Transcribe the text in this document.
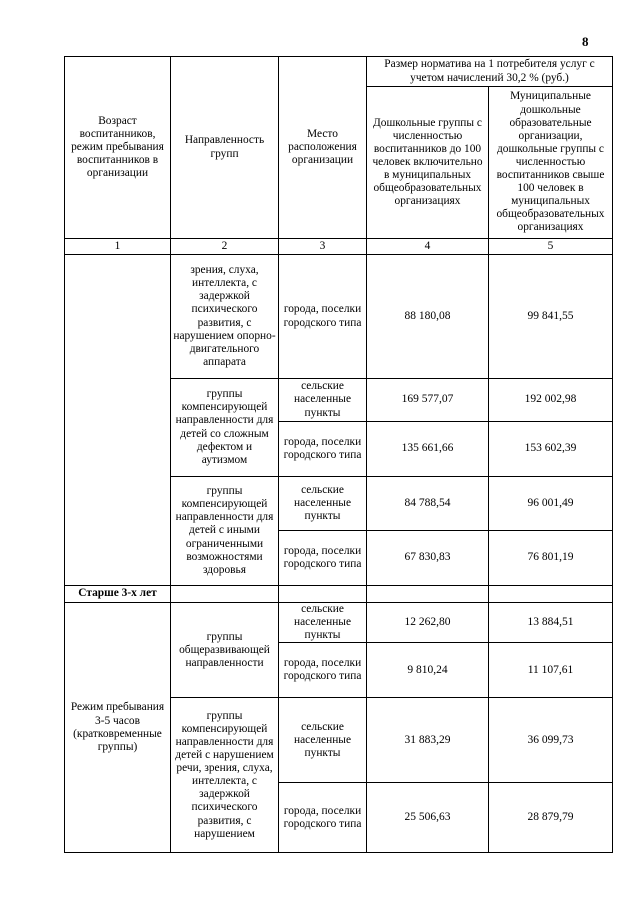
8
Возраст воспитанников, режим пребывания воспитанников в организации	Направленность групп	Место расположения организации	Размер норматива на 1 потребителя услуг с учетом начислений 30,2 % (руб.)	
			Дошкольные группы с численностью воспитанников до 100 человек включительно в муниципальных общеобразовательных организациях	Муниципальные дошкольные образовательные организации, дошкольные группы с численностью воспитанников свыше 100 человек в муниципальных общеобразовательных организациях
1	2	3	4	5
	зрения, слуха, интеллекта, с задержкой психического развития, с нарушением опорно-двигательного аппарата	города, поселки городского типа	88 180,08	99 841,55
	группы компенсирующей направленности для детей со сложным дефектом и аутизмом	сельские населенные пункты	169 577,07	192 002,98
		города, поселки городского типа	135 661,66	153 602,39
	группы компенсирующей направленности для детей с иными ограниченными возможностями здоровья	сельские населенные пункты	84 788,54	96 001,49
		города, поселки городского типа	67 830,83	76 801,19
Старше 3-х лет				
Режим пребывания 3-5 часов (кратковременные группы)	группы общеразвивающей направленности	сельские населенные пункты	12 262,80	13 884,51
		города, поселки городского типа	9 810,24	11 107,61
	группы компенсирующей направленности для детей с нарушением речи, зрения, слуха, интеллекта, с задержкой психического развития, с нарушением	сельские населенные пункты	31 883,29	36 099,73
		города, поселки городского типа	25 506,63	28 879,79
